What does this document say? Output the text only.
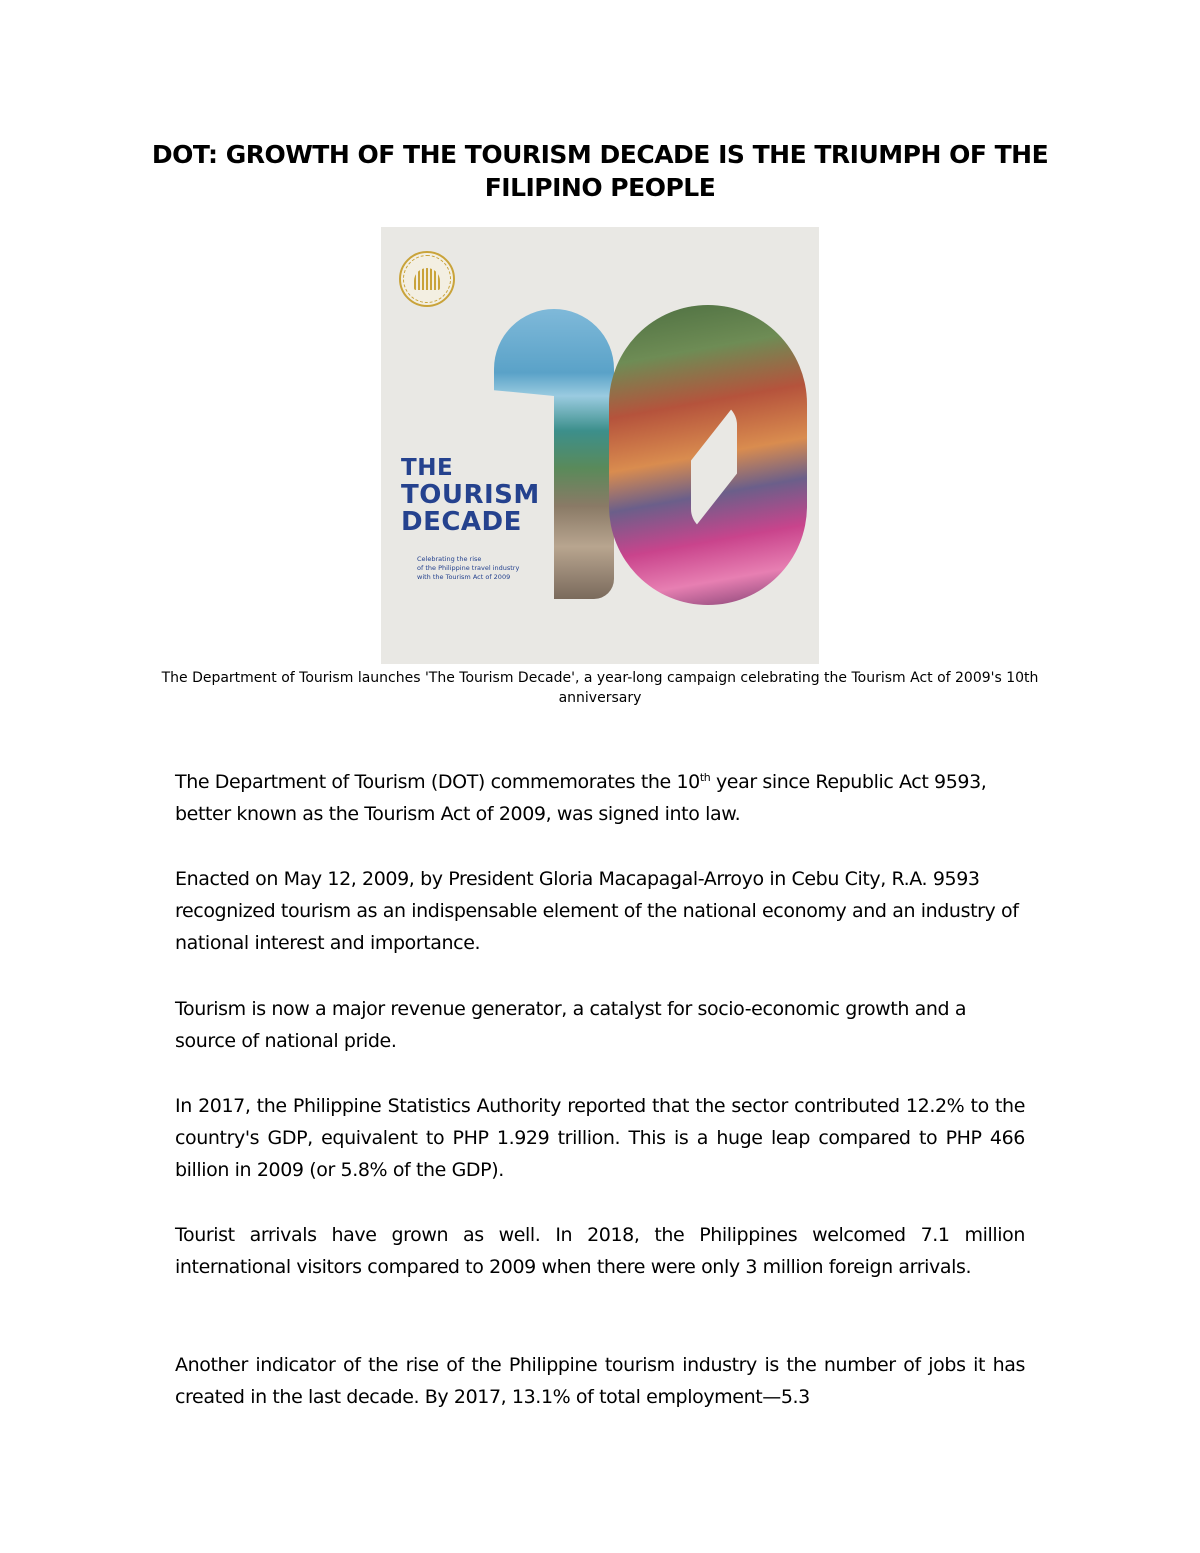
DOT: GROWTH OF THE TOURISM DECADE IS THE TRIUMPH OF THE FILIPINO PEOPLE
THE
TOURISM
DECADE
Celebrating the rise
of the Philippine travel industry
with the Tourism Act of 2009

The Department of Tourism launches 'The Tourism Decade', a year-long campaign celebrating the Tourism Act of 2009's 10th anniversary

The Department of Tourism (DOT) commemorates the 10th year since Republic Act 9593, better known as the Tourism Act of 2009, was signed into law.

Enacted on May 12, 2009, by President Gloria Macapagal-Arroyo in Cebu City, R.A. 9593 recognized tourism as an indispensable element of the national economy and an industry of national interest and importance.

Tourism is now a major revenue generator, a catalyst for socio-economic growth and a source of national pride.

In 2017, the Philippine Statistics Authority reported that the sector contributed 12.2% to the country's GDP, equivalent to PHP 1.929 trillion. This is a huge leap compared to PHP 466 billion in 2009 (or 5.8% of the GDP).

Tourist arrivals have grown as well. In 2018, the Philippines welcomed 7.1 million international visitors compared to 2009 when there were only 3 million foreign arrivals.

Another indicator of the rise of the Philippine tourism industry is the number of jobs it has created in the last decade. By 2017, 13.1% of total employment—5.3
